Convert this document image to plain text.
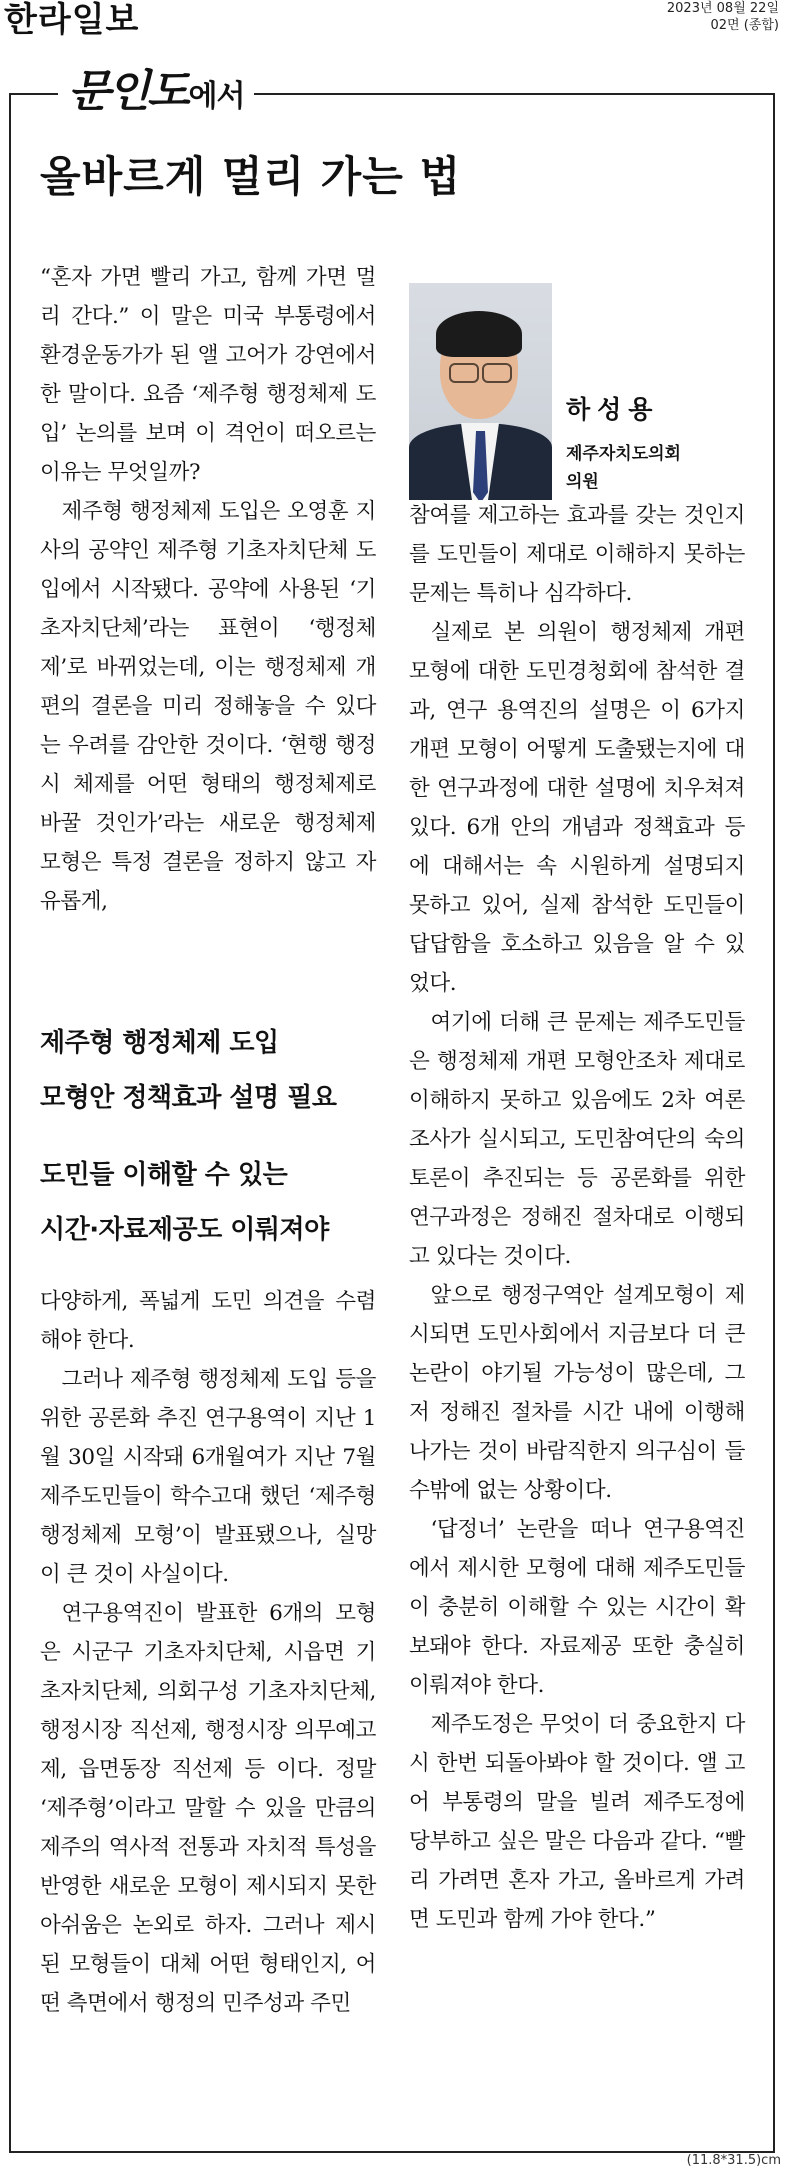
한라일보	2023년 08월 22일
02면 (종합)
문인도에서
올바르게 멀리 가는 법

“혼자 가면 빨리 가고, 함께 가면 멀리 간다.” 이 말은 미국 부통령에서 환경운동가가 된 앨 고어가 강연에서 한 말이다. 요즘 ‘제주형 행정체제 도입’ 논의를 보며 이 격언이 떠오르는 이유는 무엇일까?

제주형 행정체제 도입은 오영훈 지사의 공약인 제주형 기초자치단체 도입에서 시작됐다. 공약에 사용된 ‘기초자치단체’라는 표현이 ‘행정체제’로 바뀌었는데, 이는 행정체제 개편의 결론을 미리 정해놓을 수 있다는 우려를 감안한 것이다. ‘현행 행정시 체제를 어떤 형태의 행정체제로 바꿀 것인가’라는 새로운 행정체제 모형은 특정 결론을 정하지 않고 자유롭게,

제주형 행정체제 도입
모형안 정책효과 설명 필요
도민들 이해할 수 있는
시간·자료제공도 이뤄져야

다양하게, 폭넓게 도민 의견을 수렴해야 한다.

그러나 제주형 행정체제 도입 등을 위한 공론화 추진 연구용역이 지난 1월 30일 시작돼 6개월여가 지난 7월 제주도민들이 학수고대 했던 ‘제주형 행정체제 모형’이 발표됐으나, 실망이 큰 것이 사실이다.

연구용역진이 발표한 6개의 모형은 시군구 기초자치단체, 시읍면 기초자치단체, 의회구성 기초자치단체, 행정시장 직선제, 행정시장 의무예고제, 읍면동장 직선제 등 이다. 정말 ‘제주형’이라고 말할 수 있을 만큼의 제주의 역사적 전통과 자치적 특성을 반영한 새로운 모형이 제시되지 못한 아쉬움은 논외로 하자. 그러나 제시된 모형들이 대체 어떤 형태인지, 어떤 측면에서 행정의 민주성과 주민

하성용
제주자치도의회
의원

참여를 제고하는 효과를 갖는 것인지를 도민들이 제대로 이해하지 못하는 문제는 특히나 심각하다.

실제로 본 의원이 행정체제 개편 모형에 대한 도민경청회에 참석한 결과, 연구 용역진의 설명은 이 6가지 개편 모형이 어떻게 도출됐는지에 대한 연구과정에 대한 설명에 치우쳐져 있다. 6개 안의 개념과 정책효과 등에 대해서는 속 시원하게 설명되지 못하고 있어, 실제 참석한 도민들이 답답함을 호소하고 있음을 알 수 있었다.

여기에 더해 큰 문제는 제주도민들은 행정체제 개편 모형안조차 제대로 이해하지 못하고 있음에도 2차 여론조사가 실시되고, 도민참여단의 숙의토론이 추진되는 등 공론화를 위한 연구과정은 정해진 절차대로 이행되고 있다는 것이다.

앞으로 행정구역안 설계모형이 제시되면 도민사회에서 지금보다 더 큰 논란이 야기될 가능성이 많은데, 그저 정해진 절차를 시간 내에 이행해 나가는 것이 바람직한지 의구심이 들 수밖에 없는 상황이다.

‘답정너’ 논란을 떠나 연구용역진에서 제시한 모형에 대해 제주도민들이 충분히 이해할 수 있는 시간이 확보돼야 한다. 자료제공 또한 충실히 이뤄져야 한다.

제주도정은 무엇이 더 중요한지 다시 한번 되돌아봐야 할 것이다. 앨 고어 부통령의 말을 빌려 제주도정에 당부하고 싶은 말은 다음과 같다. “빨리 가려면 혼자 가고, 올바르게 가려면 도민과 함께 가야 한다.”

(11.8*31.5)cm
